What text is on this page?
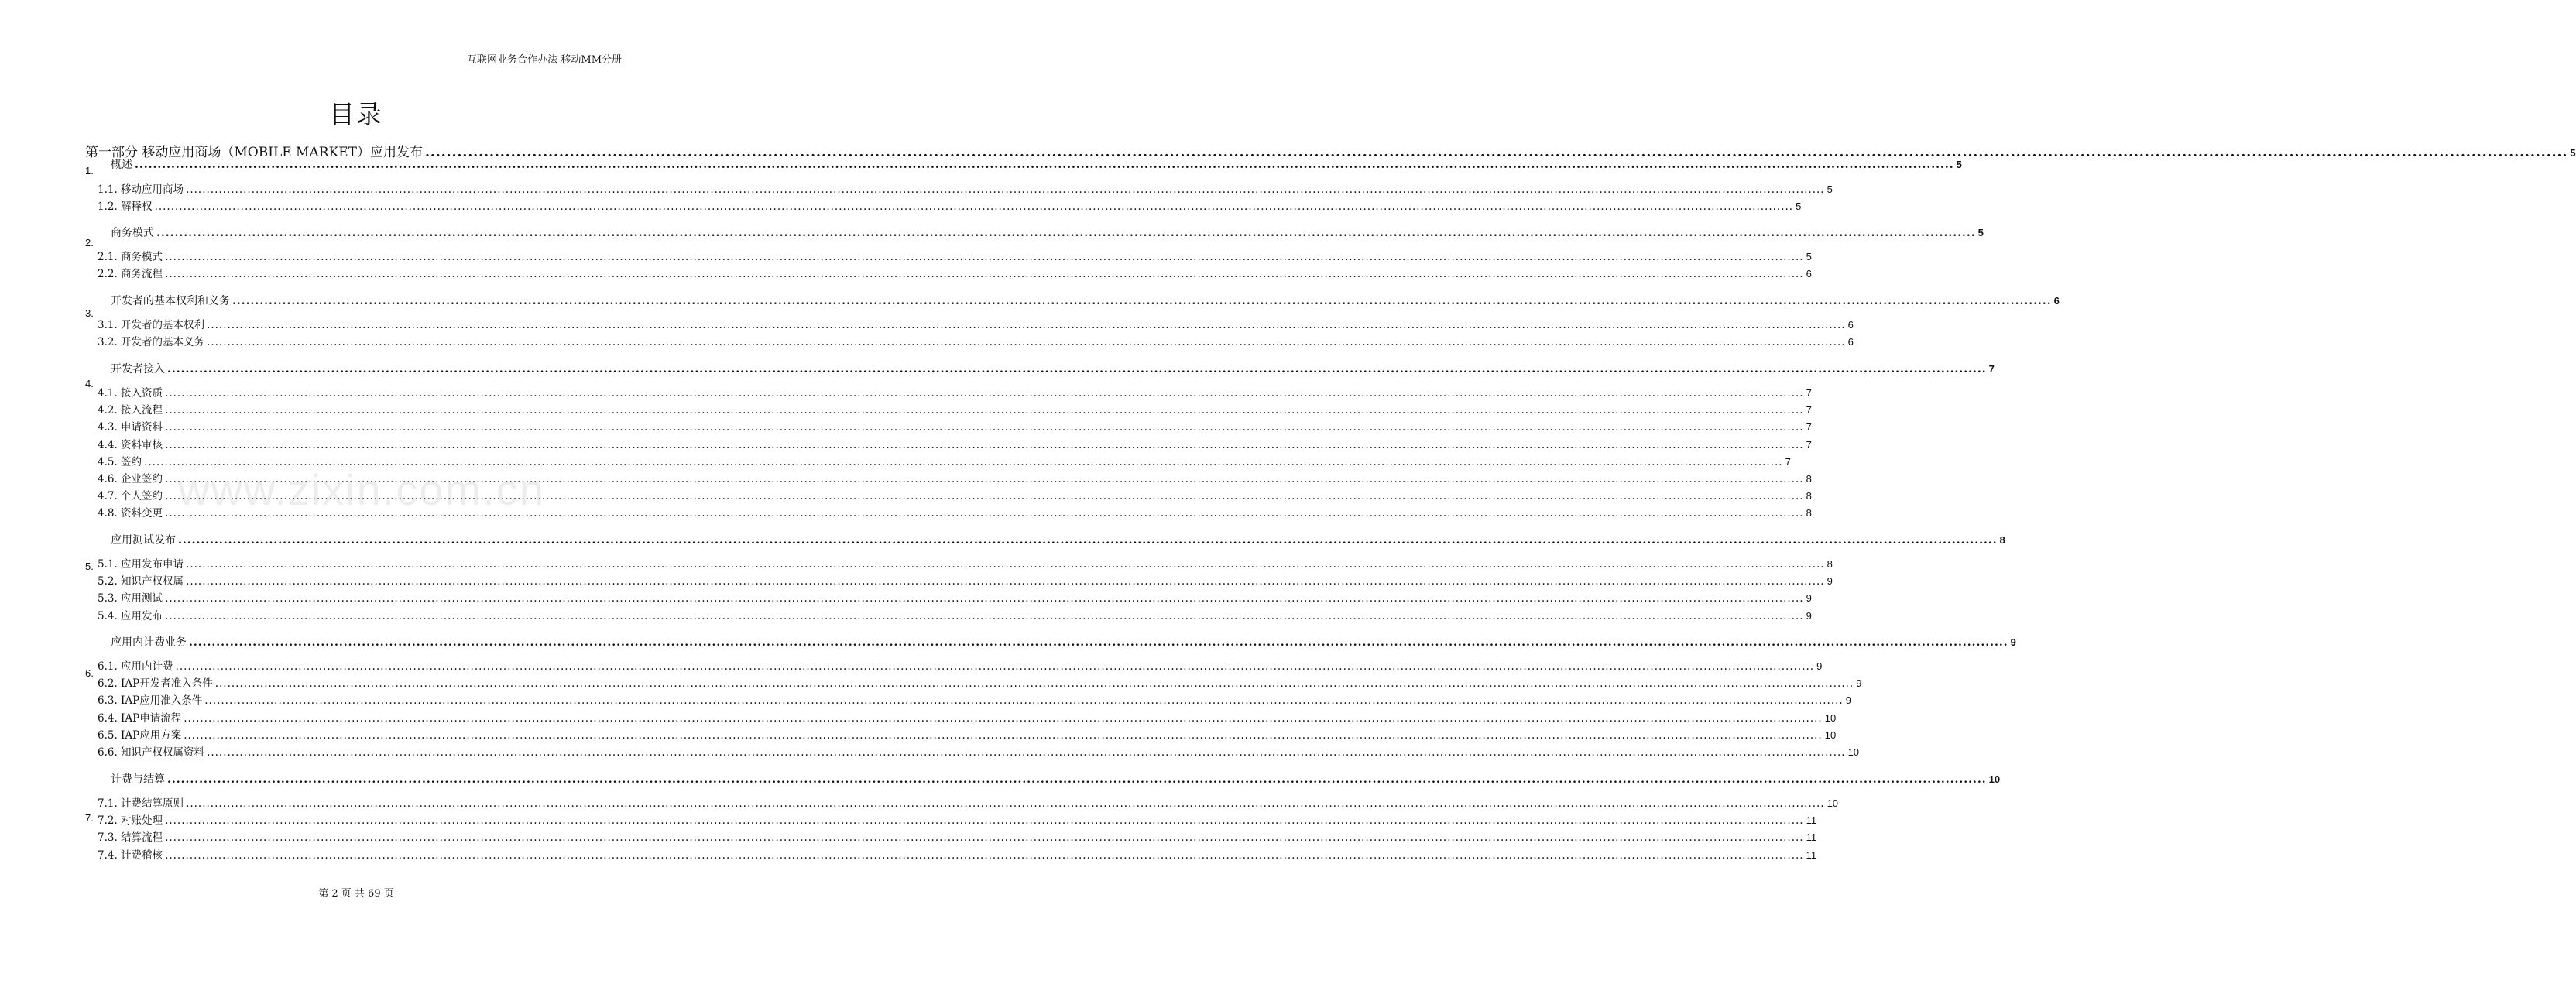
互联网业务合作办法-移动MM分册
目录
www.zixin.com.cn
第一部分 移动应用商场（MOBILE MARKET）应用发布 ................................................................................................................................................................................................................................................................................................................................................................................................................ 5
概述 ................................................................................................................................................................................................................................................................................................................................................................................................................ 5
1.
1.1. 移动应用商场 ................................................................................................................................................................................................................................................................................................................................................................................................................ 5
1.2. 解释权 ................................................................................................................................................................................................................................................................................................................................................................................................................ 5
商务模式 ................................................................................................................................................................................................................................................................................................................................................................................................................ 5
2.
2.1. 商务模式 ................................................................................................................................................................................................................................................................................................................................................................................................................ 5
2.2. 商务流程 ................................................................................................................................................................................................................................................................................................................................................................................................................ 6
开发者的基本权利和义务 ................................................................................................................................................................................................................................................................................................................................................................................................................ 6
3.
3.1. 开发者的基本权利 ................................................................................................................................................................................................................................................................................................................................................................................................................ 6
3.2. 开发者的基本义务 ................................................................................................................................................................................................................................................................................................................................................................................................................ 6
开发者接入 ................................................................................................................................................................................................................................................................................................................................................................................................................ 7
4.
4.1. 接入资质 ................................................................................................................................................................................................................................................................................................................................................................................................................ 7
4.2. 接入流程 ................................................................................................................................................................................................................................................................................................................................................................................................................ 7
4.3. 申请资料 ................................................................................................................................................................................................................................................................................................................................................................................................................ 7
4.4. 资料审核 ................................................................................................................................................................................................................................................................................................................................................................................................................ 7
4.5. 签约 ................................................................................................................................................................................................................................................................................................................................................................................................................ 7
4.6. 企业签约 ................................................................................................................................................................................................................................................................................................................................................................................................................ 8
4.7. 个人签约 ................................................................................................................................................................................................................................................................................................................................................................................................................ 8
4.8. 资料变更 ................................................................................................................................................................................................................................................................................................................................................................................................................ 8
应用测试发布 ................................................................................................................................................................................................................................................................................................................................................................................................................ 8
5. 5.1. 应用发布申请 ................................................................................................................................................................................................................................................................................................................................................................................................................ 8
5.2. 知识产权权属 ................................................................................................................................................................................................................................................................................................................................................................................................................ 9
5.3. 应用测试 ................................................................................................................................................................................................................................................................................................................................................................................................................ 9
5.4. 应用发布 ................................................................................................................................................................................................................................................................................................................................................................................................................ 9
应用内计费业务 ................................................................................................................................................................................................................................................................................................................................................................................................................ 9
6.
6.1. 应用内计费 ................................................................................................................................................................................................................................................................................................................................................................................................................ 9
6.2. IAP开发者准入条件 ................................................................................................................................................................................................................................................................................................................................................................................................................ 9
6.3. IAP应用准入条件 ................................................................................................................................................................................................................................................................................................................................................................................................................ 9
6.4. IAP申请流程 ................................................................................................................................................................................................................................................................................................................................................................................................................ 10
6.5. IAP应用方案 ................................................................................................................................................................................................................................................................................................................................................................................................................ 10
6.6. 知识产权权属资料 ................................................................................................................................................................................................................................................................................................................................................................................................................ 10
计费与结算 ................................................................................................................................................................................................................................................................................................................................................................................................................ 10
7.
7.1. 计费结算原则 ................................................................................................................................................................................................................................................................................................................................................................................................................ 10
7.2. 对账处理 ................................................................................................................................................................................................................................................................................................................................................................................................................ 11
7.3. 结算流程 ................................................................................................................................................................................................................................................................................................................................................................................................................ 11
7.4. 计费稽核 ................................................................................................................................................................................................................................................................................................................................................................................................................ 11
第 2 页 共 69 页
